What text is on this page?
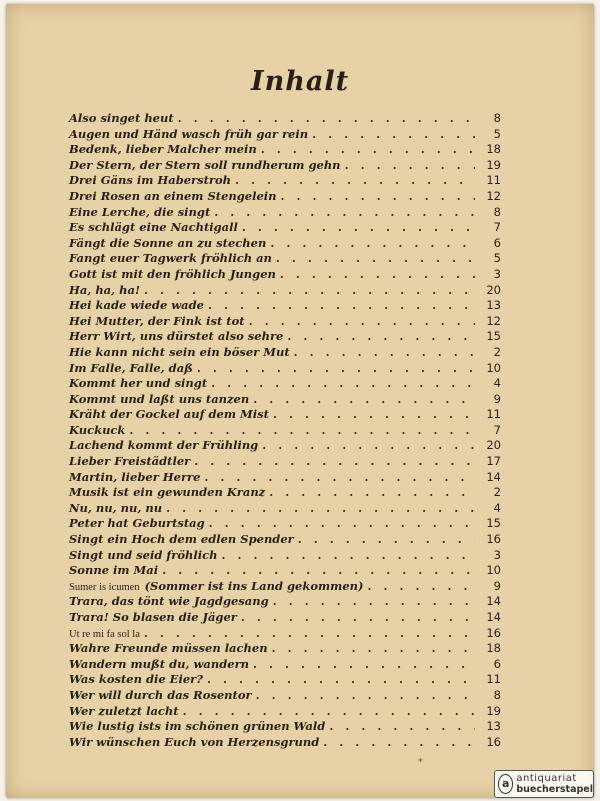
Inhalt
Also singet heut . . .	8
Augen und Händ wasch früh gar rein . . .	5
Bedenk, lieber Malcher mein . . .	18
Der Stern, der Stern soll rundherum gehn . . .	19
Drei Gäns im Haberstroh . . .	11
Drei Rosen an einem Stengelein . . .	12
Eine Lerche, die singt . . .	8
Es schlägt eine Nachtigall . . .	7
Fängt die Sonne an zu stechen . . .	6
Fangt euer Tagwerk fröhlich an . . .	5
Gott ist mit den fröhlich Jungen . . .	3
Ha, ha, ha! . . .	20
Hei kade wiede wade . . .	13
Hei Mutter, der Fink ist tot . . .	12
Herr Wirt, uns dürstet also sehre . . .	15
Hie kann nicht sein ein böser Mut . . .	2
Im Falle, Falle, daß . . .	10
Kommt her und singt . . .	4
Kommt und laßt uns tanzen . . .	9
Kräht der Gockel auf dem Mist . . .	11
Kuckuck . . .	7
Lachend kommt der Frühling . . .	20
Lieber Freistädtler . . .	17
Martin, lieber Herre . . .	14
Musik ist ein gewunden Kranz . . .	2
Nu, nu, nu, nu . . .	4
Peter hat Geburtstag . . .	15
Singt ein Hoch dem edlen Spender . . .	16
Singt und seid fröhlich . . .	3
Sonne im Mai . . .	10
Sumer is icumen (Sommer ist ins Land gekommen) . . .	9
Trara, das tönt wie Jagdgesang . . .	14
Trara! So blasen die Jäger . . .	14
Ut re mi fa sol la . . .	16
Wahre Freunde müssen lachen . . .	18
Wandern mußt du, wandern . . .	6
Was kosten die Eier? . . .	11
Wer will durch das Rosentor . . .	8
Wer zuletzt lacht . . .	19
Wie lustig ists im schönen grünen Wald . . .	13
Wir wünschen Euch von Herzensgrund . . .	16
*
a antiquariat
buecherstapel
